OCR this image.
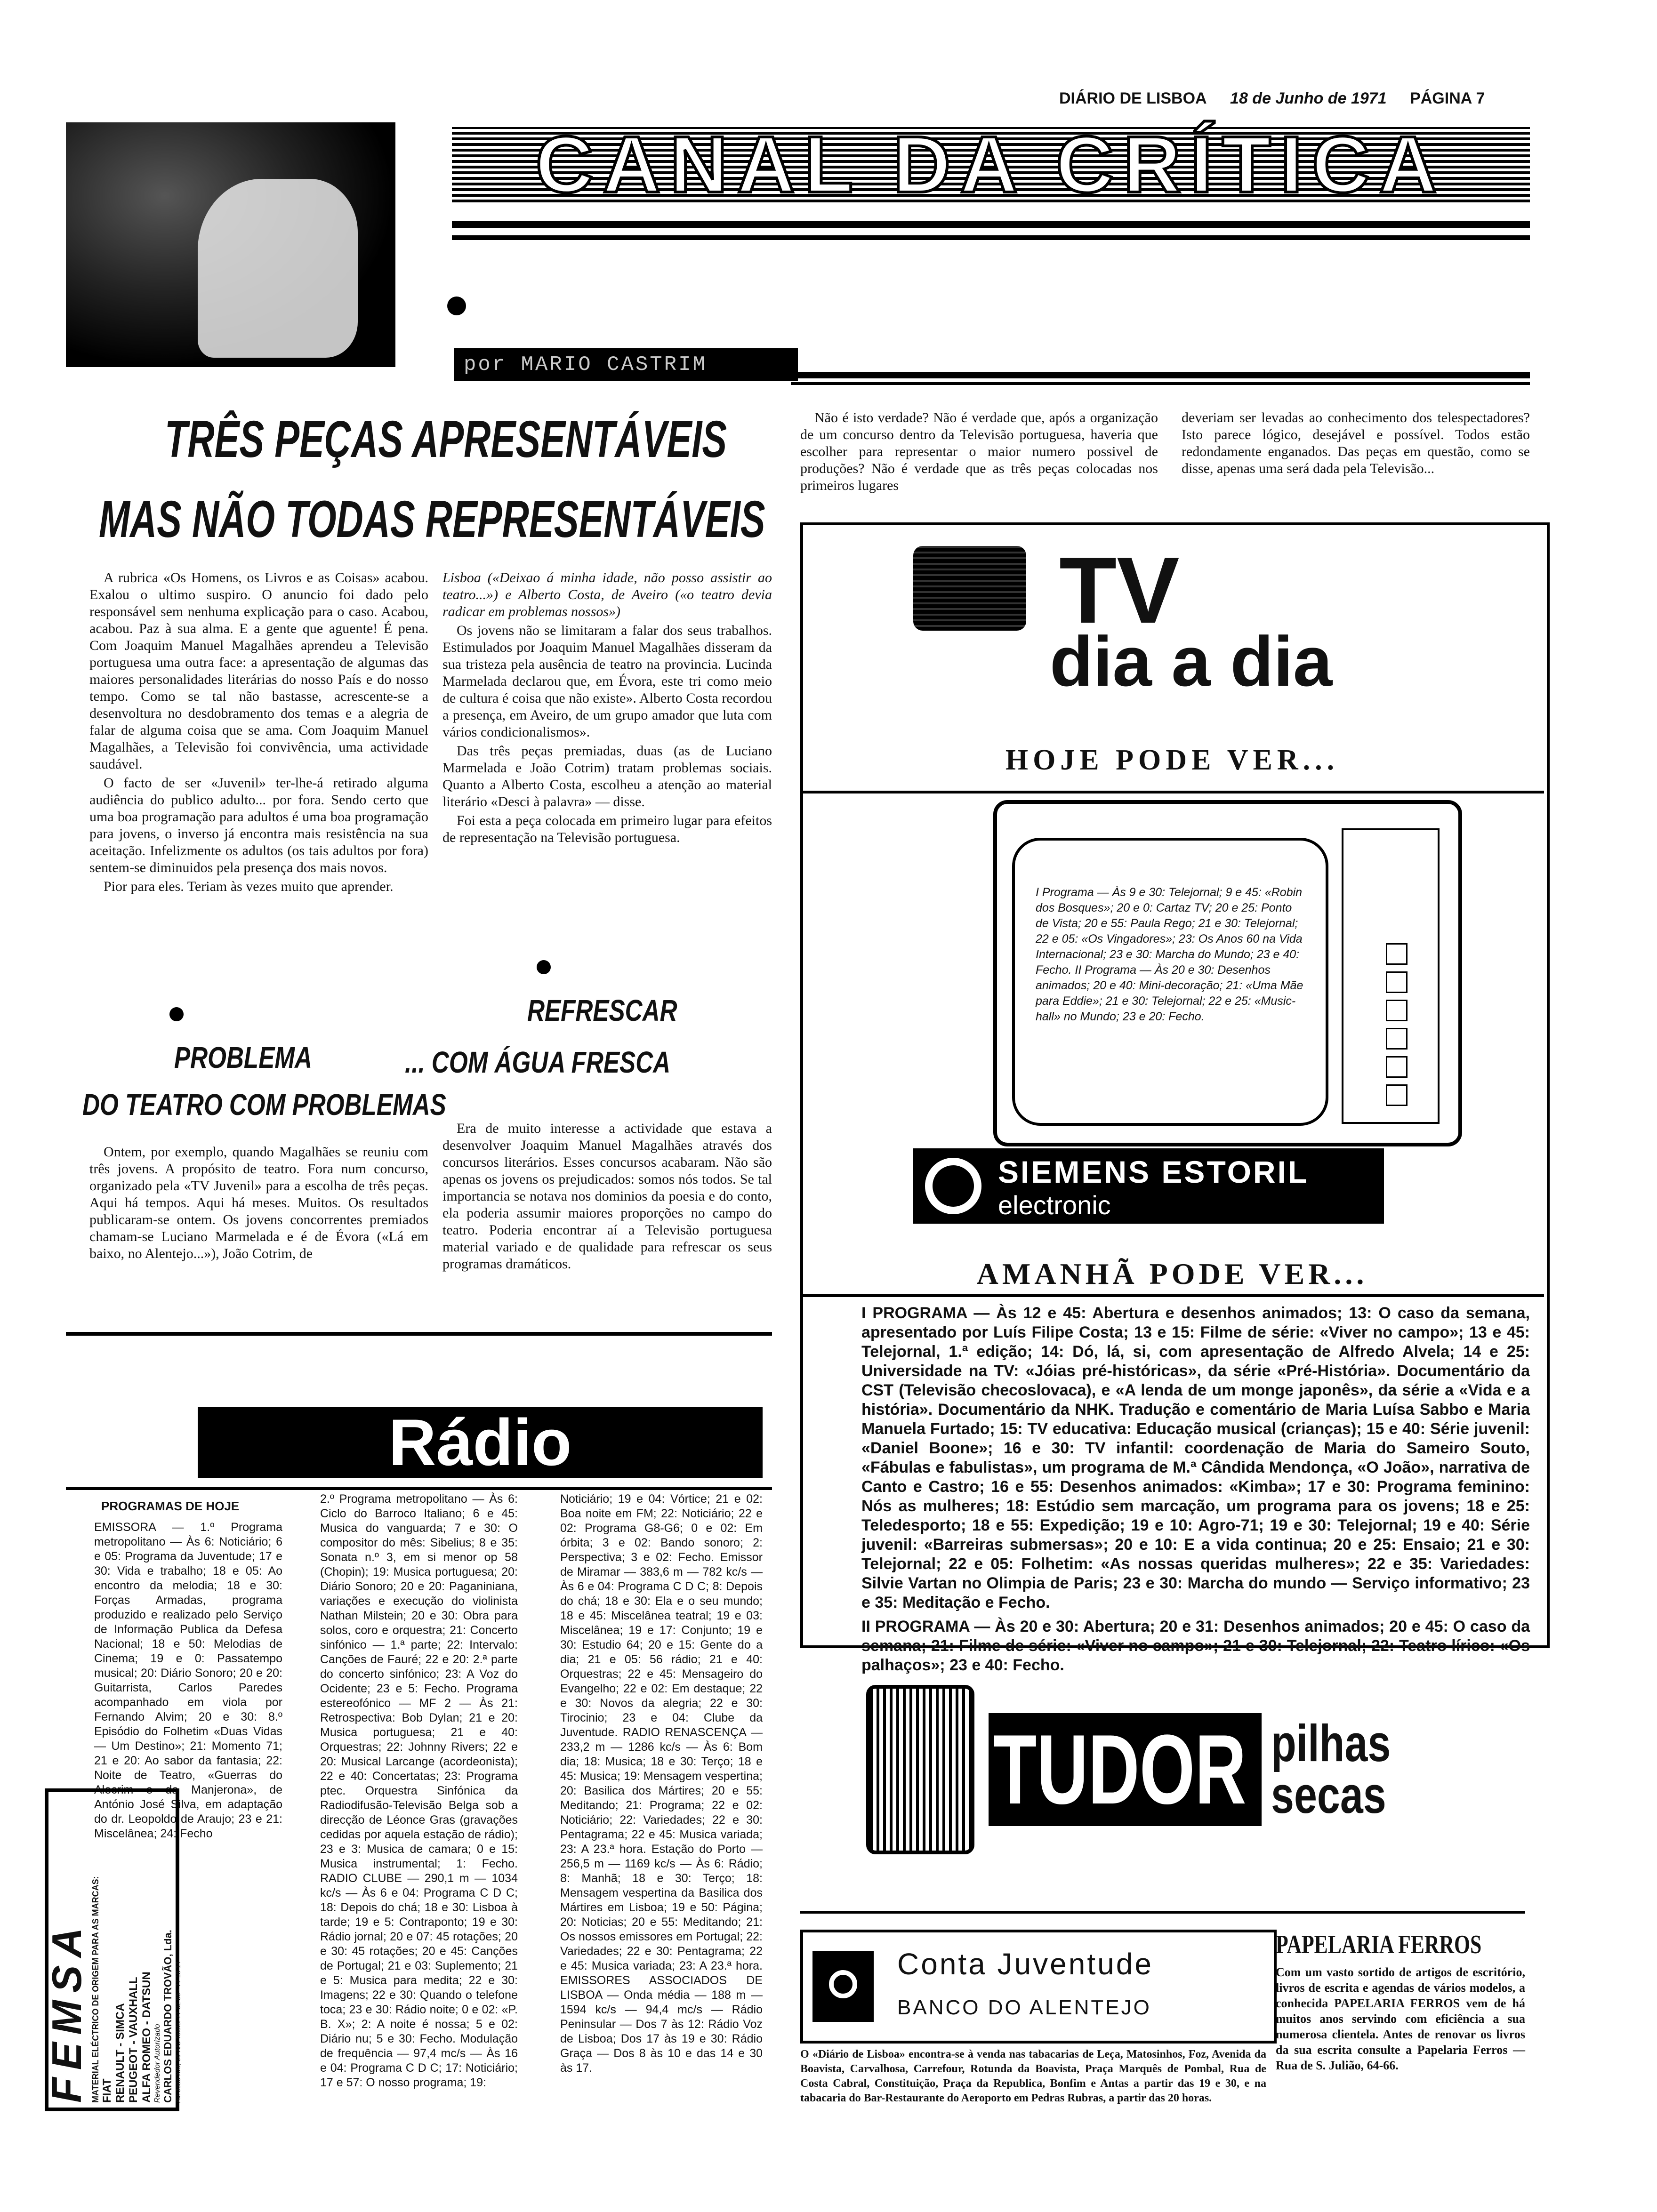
DIÁRIO DE LISBOA 18 de Junho de 1971 PÁGINA 7
CANAL DA CRÍTICA
por MARIO CASTRIM
TRÊS PEÇAS APRESENTÁVEIS
MAS NÃO TODAS REPRESENTÁVEIS

A rubrica «Os Homens, os Livros e as Coisas» acabou. Exalou o ultimo suspiro. O anuncio foi dado pelo responsável sem nenhuma explicação para o caso. Acabou, acabou. Paz à sua alma. E a gente que aguente! É pena. Com Joaquim Manuel Magalhães aprendeu a Televisão portuguesa uma outra face: a apresentação de algumas das maiores personalidades literárias do nosso País e do nosso tempo. Como se tal não bastasse, acrescente-se a desenvoltura no desdobramento dos temas e a alegria de falar de alguma coisa que se ama. Com Joaquim Manuel Magalhães, a Televisão foi convivência, uma actividade saudável.

O facto de ser «Juvenil» ter-lhe-á retirado alguma audiência do publico adulto... por fora. Sendo certo que uma boa programação para adultos é uma boa programação para jovens, o inverso já encontra mais resistência na sua aceitação. Infelizmente os adultos (os tais adultos por fora) sentem-se diminuidos pela presença dos mais novos.

Pior para eles. Teriam às vezes muito que aprender.

PROBLEMA
DO TEATRO COM PROBLEMAS

Ontem, por exemplo, quando Magalhães se reuniu com três jovens. A propósito de teatro. Fora num concurso, organizado pela «TV Juvenil» para a escolha de três peças. Aqui há tempos. Aqui há meses. Muitos. Os resultados publicaram-se ontem. Os jovens concorrentes premiados chamam-se Luciano Marmelada e é de Évora («Lá em baixo, no Alentejo...»), João Cotrim, de

Lisboa («Deixao á minha idade, não posso assistir ao teatro...») e Alberto Costa, de Aveiro («o teatro devia radicar em problemas nossos»)

Os jovens não se limitaram a falar dos seus trabalhos. Estimulados por Joaquim Manuel Magalhães disseram da sua tristeza pela ausência de teatro na provincia. Lucinda Marmelada declarou que, em Évora, este tri como meio de cultura é coisa que não existe». Alberto Costa recordou a presença, em Aveiro, de um grupo amador que luta com vários condicionalismos».

Das três peças premiadas, duas (as de Luciano Marmelada e João Cotrim) tratam problemas sociais. Quanto a Alberto Costa, escolheu a atenção ao material literário «Desci à palavra» — disse.

Foi esta a peça colocada em primeiro lugar para efeitos de representação na Televisão portuguesa.

REFRESCAR
... COM ÁGUA FRESCA

Era de muito interesse a actividade que estava a desenvolver Joaquim Manuel Magalhães através dos concursos literários. Esses concursos acabaram. Não são apenas os jovens os prejudicados: somos nós todos. Se tal importancia se notava nos dominios da poesia e do conto, ela poderia assumir maiores proporções no campo do teatro. Poderia encontrar aí a Televisão portuguesa material variado e de qualidade para refrescar os seus programas dramáticos.

Não é isto verdade? Não é verdade que, após a organização de um concurso dentro da Televisão portuguesa, haveria que escolher para representar o maior numero possivel de produções? Não é verdade que as três peças colocadas nos primeiros lugares

deveriam ser levadas ao conhecimento dos telespectadores? Isto parece lógico, desejável e possível. Todos estão redondamente enganados. Das peças em questão, como se disse, apenas uma será dada pela Televisão...

TV
dia a dia
HOJE PODE VER...
I Programa — Às 9 e 30: Telejornal; 9 e 45: «Robin dos Bosques»; 20 e 0: Cartaz TV; 20 e 25: Ponto de Vista; 20 e 55: Paula Rego; 21 e 30: Telejornal; 22 e 05: «Os Vingadores»; 23: Os Anos 60 na Vida Internacional; 23 e 30: Marcha do Mundo; 23 e 40: Fecho. II Programa — Às 20 e 30: Desenhos animados; 20 e 40: Mini-decoração; 21: «Uma Mãe para Eddie»; 21 e 30: Telejornal; 22 e 25: «Music-hall» no Mundo; 23 e 20: Fecho.
SIEMENS ESTORIL
electronic
AMANHÃ PODE VER...
I PROGRAMA — Às 12 e 45: Abertura e desenhos animados; 13: O caso da semana, apresentado por Luís Filipe Costa; 13 e 15: Filme de série: «Viver no campo»; 13 e 45: Telejornal, 1.ª edição; 14: Dó, lá, si, com apresentação de Alfredo Alvela; 14 e 25: Universidade na TV: «Jóias pré-históricas», da série «Pré-História». Documentário da CST (Televisão checoslovaca), e «A lenda de um monge japonês», da série a «Vida e a história». Documentário da NHK. Tradução e comentário de Maria Luísa Sabbo e Maria Manuela Furtado; 15: TV educativa: Educação musical (crianças); 15 e 40: Série juvenil: «Daniel Boone»; 16 e 30: TV infantil: coordenação de Maria do Sameiro Souto, «Fábulas e fabulistas», um programa de M.ª Cândida Mendonça, «O João», narrativa de Canto e Castro; 16 e 55: Desenhos animados: «Kimba»; 17 e 30: Programa feminino: Nós as mulheres; 18: Estúdio sem marcação, um programa para os jovens; 18 e 25: Teledesporto; 18 e 55: Expedição; 19 e 10: Agro-71; 19 e 30: Telejornal; 19 e 40: Série juvenil: «Barreiras submersas»; 20 e 10: E a vida continua; 20 e 25: Ensaio; 21 e 30: Telejornal; 22 e 05: Folhetim: «As nossas queridas mulheres»; 22 e 35: Variedades: Silvie Vartan no Olimpia de Paris; 23 e 30: Marcha do mundo — Serviço informativo; 23 e 35: Meditação e Fecho.
II PROGRAMA — Às 20 e 30: Abertura; 20 e 31: Desenhos animados; 20 e 45: O caso da semana; 21: Filme de série: «Viver no campo»; 21 e 30: Telejornal; 22: Teatro lírico: «Os palhaços»; 23 e 40: Fecho.
TUDOR pilhas
secas
Rádio
PROGRAMAS DE HOJE
EMISSORA — 1.º Programa metropolitano — Às 6: Noticiário; 6 e 05: Programa da Juventude; 17 e 30: Vida e trabalho; 18 e 05: Ao encontro da melodia; 18 e 30: Forças Armadas, programa produzido e realizado pelo Serviço de Informação Publica da Defesa Nacional; 18 e 50: Melodias de Cinema; 19 e 0: Passatempo musical; 20: Diário Sonoro; 20 e 20: Guitarrista, Carlos Paredes acompanhado em viola por Fernando Alvim; 20 e 30: 8.º Episódio do Folhetim «Duas Vidas — Um Destino»; 21: Momento 71; 21 e 20: Ao sabor da fantasia; 22: Noite de Teatro, «Guerras do Alecrim e da Manjerona», de António José Silva, em adaptação do dr. Leopoldo de Araujo; 23 e 21: Miscelânea; 24: Fecho
2.º Programa metropolitano — Às 6: Ciclo do Barroco Italiano; 6 e 45: Musica do vanguarda; 7 e 30: O compositor do mês: Sibelius; 8 e 35: Sonata n.º 3, em si menor op 58 (Chopin); 19: Musica portuguesa; 20: Diário Sonoro; 20 e 20: Paganiniana, variações e execução do violinista Nathan Milstein; 20 e 30: Obra para solos, coro e orquestra; 21: Concerto sinfónico — 1.ª parte; 22: Intervalo: Canções de Fauré; 22 e 20: 2.ª parte do concerto sinfónico; 23: A Voz do Ocidente; 23 e 5: Fecho. Programa estereofónico — MF 2 — Às 21: Retrospectiva: Bob Dylan; 21 e 20: Musica portuguesa; 21 e 40: Orquestras; 22: Johnny Rivers; 22 e 20: Musical Larcange (acordeonista); 22 e 40: Concertatas; 23: Programa ptec. Orquestra Sinfónica da Radiodifusão-Televisão Belga sob a direcção de Léonce Gras (gravações cedidas por aquela estação de rádio); 23 e 3: Musica de camara; 0 e 15: Musica instrumental; 1: Fecho. RADIO CLUBE — 290,1 m — 1034 kc/s — Às 6 e 04: Programa C D C; 18: Depois do chá; 18 e 30: Lisboa à tarde; 19 e 5: Contraponto; 19 e 30: Rádio jornal; 20 e 07: 45 rotações; 20 e 30: 45 rotações; 20 e 45: Canções de Portugal; 21 e 03: Suplemento; 21 e 5: Musica para medita; 22 e 30: Imagens; 22 e 30: Quando o telefone toca; 23 e 30: Rádio noite; 0 e 02: «P. B. X»; 2: A noite é nossa; 5 e 02: Diário nu; 5 e 30: Fecho. Modulação de frequência — 97,4 mc/s — Às 16 e 04: Programa C D C; 17: Noticiário; 17 e 57: O nosso programa; 19:
Noticiário; 19 e 04: Vórtice; 21 e 02: Boa noite em FM; 22: Noticiário; 22 e 02: Programa G8-G6; 0 e 02: Em órbita; 3 e 02: Bando sonoro; 2: Perspectiva; 3 e 02: Fecho. Emissor de Miramar — 383,6 m — 782 kc/s — Às 6 e 04: Programa C D C; 8: Depois do chá; 18 e 30: Ela e o seu mundo; 18 e 45: Miscelânea teatral; 19 e 03: Miscelânea; 19 e 17: Conjunto; 19 e 30: Estudio 64; 20 e 15: Gente do a dia; 21 e 05: 56 rádio; 21 e 40: Orquestras; 22 e 45: Mensageiro do Evangelho; 22 e 02: Em destaque; 22 e 30: Novos da alegria; 22 e 30: Tirocinio; 23 e 04: Clube da Juventude. RADIO RENASCENÇA — 233,2 m — 1286 kc/s — Às 6: Bom dia; 18: Musica; 18 e 30: Terço; 18 e 45: Musica; 19: Mensagem vespertina; 20: Basilica dos Mártires; 20 e 55: Meditando; 21: Programa; 22 e 02: Noticiário; 22: Variedades; 22 e 30: Pentagrama; 22 e 45: Musica variada; 23: A 23.ª hora. Estação do Porto — 256,5 m — 1169 kc/s — Às 6: Rádio; 8: Manhã; 18 e 30: Terço; 18: Mensagem vespertina da Basilica dos Mártires em Lisboa; 19 e 50: Página; 20: Noticias; 20 e 55: Meditando; 21: Os nossos emissores em Portugal; 22: Variedades; 22 e 30: Pentagrama; 22 e 45: Musica variada; 23: A 23.ª hora. EMISSORES ASSOCIADOS DE LISBOA — Onda média — 188 m — 1594 kc/s — 94,4 mc/s — Rádio Peninsular — Dos 7 às 12: Rádio Voz de Lisboa; Dos 17 às 19 e 30: Rádio Graça — Dos 8 às 10 e das 14 e 30 às 17.
FEMSA MATERIAL ELÉCTRICO DE ORIGEM PARA AS MARCAS: FIAT RENAULT - SIMCA PEUGEOT - VAUXHALL ALFA ROMEO - DATSUN Revendedor Autorizado CARLOS EDUARDO TROVÃO, Lda. Av. João XXI, 66-A/C Telefs. 77 02 85 - 77 18 14	Conta Juventude
BANCO DO ALENTEJO
PAPELARIA FERROS
Com um vasto sortido de artigos de escritório, livros de escrita e agendas de vários modelos, a conhecida PAPELARIA FERROS vem de há muitos anos servindo com eficiência a sua numerosa clientela. Antes de renovar os livros da sua escrita consulte a Papelaria Ferros — Rua de S. Julião, 64-66.
O «Diário de Lisboa» encontra-se à venda nas tabacarias de Leça, Matosinhos, Foz, Avenida da Boavista, Carvalhosa, Carrefour, Rotunda da Boavista, Praça Marquês de Pombal, Rua de Costa Cabral, Constituição, Praça da Republica, Bonfim e Antas a partir das 19 e 30, e na tabacaria do Bar-Restaurante do Aeroporto em Pedras Rubras, a partir das 20 horas.
